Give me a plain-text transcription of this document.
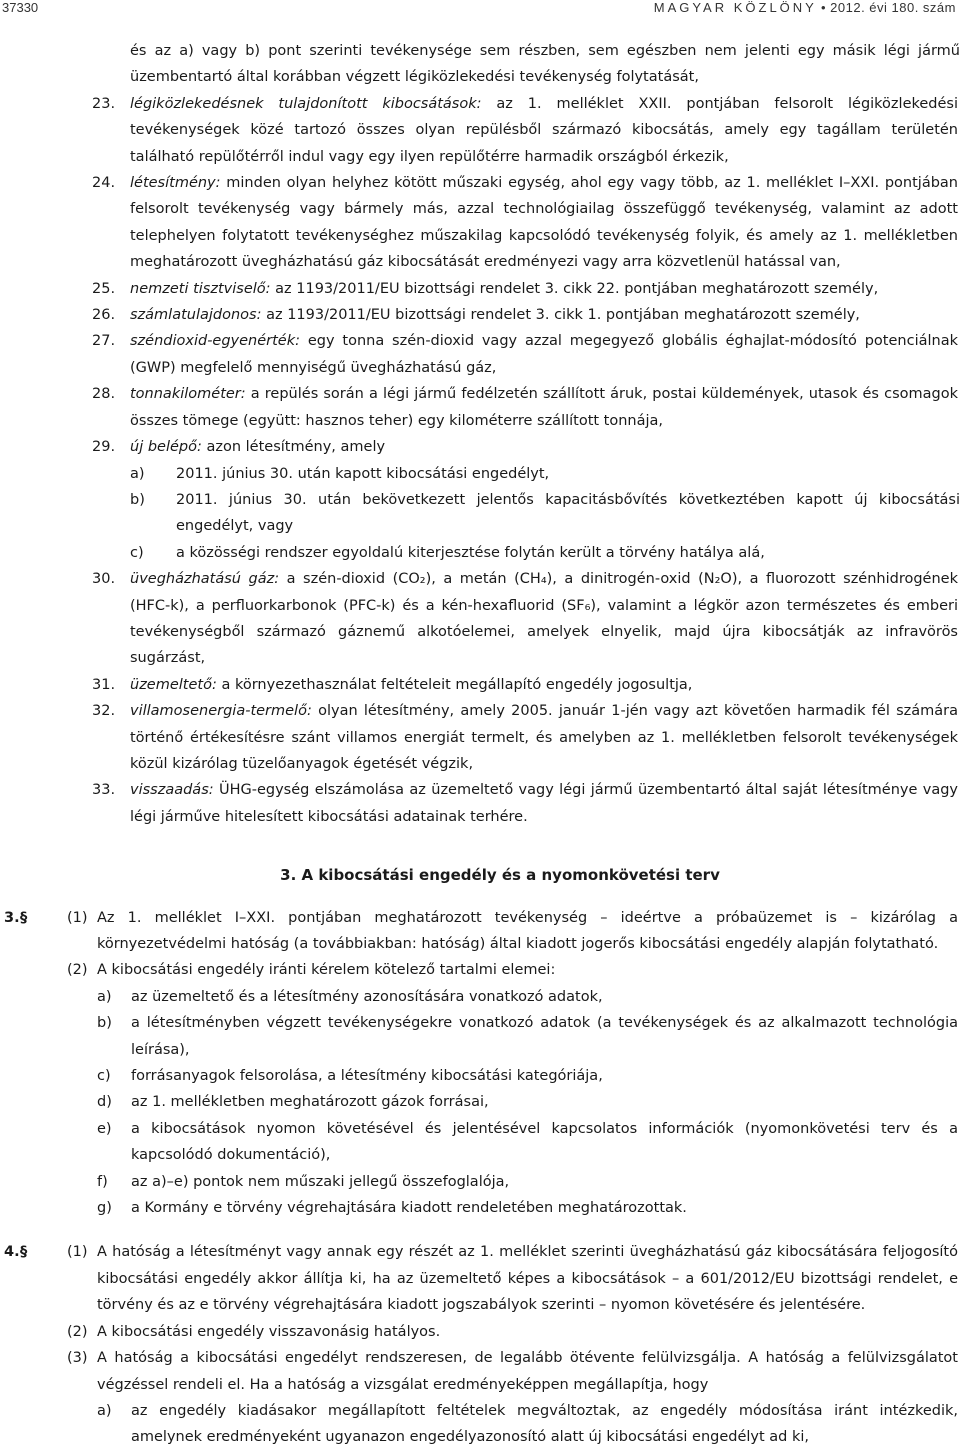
37330	MAGYAR KÖZLÖNY • 2012. évi 180. szám
és az a) vagy b) pont szerinti tevékenysége sem részben, sem egészben nem jelenti egy másik légi jármű üzembentartó által korábban végzett légiközlekedési tevékenység folytatását,
23. légiközlekedésnek tulajdonított kibocsátások: az 1. melléklet XXII. pontjában felsorolt légiközlekedési tevékenységek közé tartozó összes olyan repülésből származó kibocsátás, amely egy tagállam területén található repülőtérről indul vagy egy ilyen repülőtérre harmadik országból érkezik,
24. létesítmény: minden olyan helyhez kötött műszaki egység, ahol egy vagy több, az 1. melléklet I–XXI. pontjában felsorolt tevékenység vagy bármely más, azzal technológiailag összefüggő tevékenység, valamint az adott telephelyen folytatott tevékenységhez műszakilag kapcsolódó tevékenység folyik, és amely az 1. mellékletben meghatározott üvegházhatású gáz kibocsátását eredményezi vagy arra közvetlenül hatással van,
25. nemzeti tisztviselő: az 1193/2011/EU bizottsági rendelet 3. cikk 22. pontjában meghatározott személy,
26. számlatulajdonos: az 1193/2011/EU bizottsági rendelet 3. cikk 1. pontjában meghatározott személy,
27. széndioxid-egyenérték: egy tonna szén-dioxid vagy azzal megegyező globális éghajlat-módosító potenciálnak (GWP) megfelelő mennyiségű üvegházhatású gáz,
28. tonnakilométer: a repülés során a légi jármű fedélzetén szállított áruk, postai küldemények, utasok és csomagok összes tömege (együtt: hasznos teher) egy kilométerre szállított tonnája,
29. új belépő: azon létesítmény, amely
a) 2011. június 30. után kapott kibocsátási engedélyt,
b) 2011. június 30. után bekövetkezett jelentős kapacitásbővítés következtében kapott új kibocsátási engedélyt, vagy
c) a közösségi rendszer egyoldalú kiterjesztése folytán került a törvény hatálya alá,
30. üvegházhatású gáz: a szén-dioxid (CO₂), a metán (CH₄), a dinitrogén-oxid (N₂O), a fluorozott szénhidrogének (HFC-k), a perfluorkarbonok (PFC-k) és a kén-hexafluorid (SF₆), valamint a légkör azon természetes és emberi tevékenységből származó gáznemű alkotóelemei, amelyek elnyelik, majd újra kibocsátják az infravörös sugárzást,
31. üzemeltető: a környezethasználat feltételeit megállapító engedély jogosultja,
32. villamosenergia-termelő: olyan létesítmény, amely 2005. január 1-jén vagy azt követően harmadik fél számára történő értékesítésre szánt villamos energiát termelt, és amelyben az 1. mellékletben felsorolt tevékenységek közül kizárólag tüzelőanyagok égetését végzik,
33. visszaadás: ÜHG-egység elszámolása az üzemeltető vagy légi jármű üzembentartó által saját létesítménye vagy légi járműve hitelesített kibocsátási adatainak terhére.
3. A kibocsátási engedély és a nyomonkövetési terv
3. §	(1) Az 1. melléklet I–XXI. pontjában meghatározott tevékenység – ideértve a próbaüzemet is – kizárólag a környezetvédelmi hatóság (a továbbiakban: hatóság) által kiadott jogerős kibocsátási engedély alapján folytatható.
(2) A kibocsátási engedély iránti kérelem kötelező tartalmi elemei:
a) az üzemeltető és a létesítmény azonosítására vonatkozó adatok,
b) a létesítményben végzett tevékenységekre vonatkozó adatok (a tevékenységek és az alkalmazott technológia leírása),
c) forrásanyagok felsorolása, a létesítmény kibocsátási kategóriája,
d) az 1. mellékletben meghatározott gázok forrásai,
e) a kibocsátások nyomon követésével és jelentésével kapcsolatos információk (nyomonkövetési terv és a kapcsolódó dokumentáció),
f) az a)–e) pontok nem műszaki jellegű összefoglalója,
g) a Kormány e törvény végrehajtására kiadott rendeletében meghatározottak.
4. §	(1) A hatóság a létesítményt vagy annak egy részét az 1. melléklet szerinti üvegházhatású gáz kibocsátására feljogosító kibocsátási engedély akkor állítja ki, ha az üzemeltető képes a kibocsátások – a 601/2012/EU bizottsági rendelet, e törvény és az e törvény végrehajtására kiadott jogszabályok szerinti – nyomon követésére és jelentésére.
(2) A kibocsátási engedély visszavonásig hatályos.
(3) A hatóság a kibocsátási engedélyt rendszeresen, de legalább ötévente felülvizsgálja. A hatóság a felülvizsgálatot végzéssel rendeli el. Ha a hatóság a vizsgálat eredményeképpen megállapítja, hogy
a) az engedély kiadásakor megállapított feltételek megváltoztak, az engedély módosítása iránt intézkedik, amelynek eredményeként ugyanazon engedélyazonosító alatt új kibocsátási engedélyt ad ki,
